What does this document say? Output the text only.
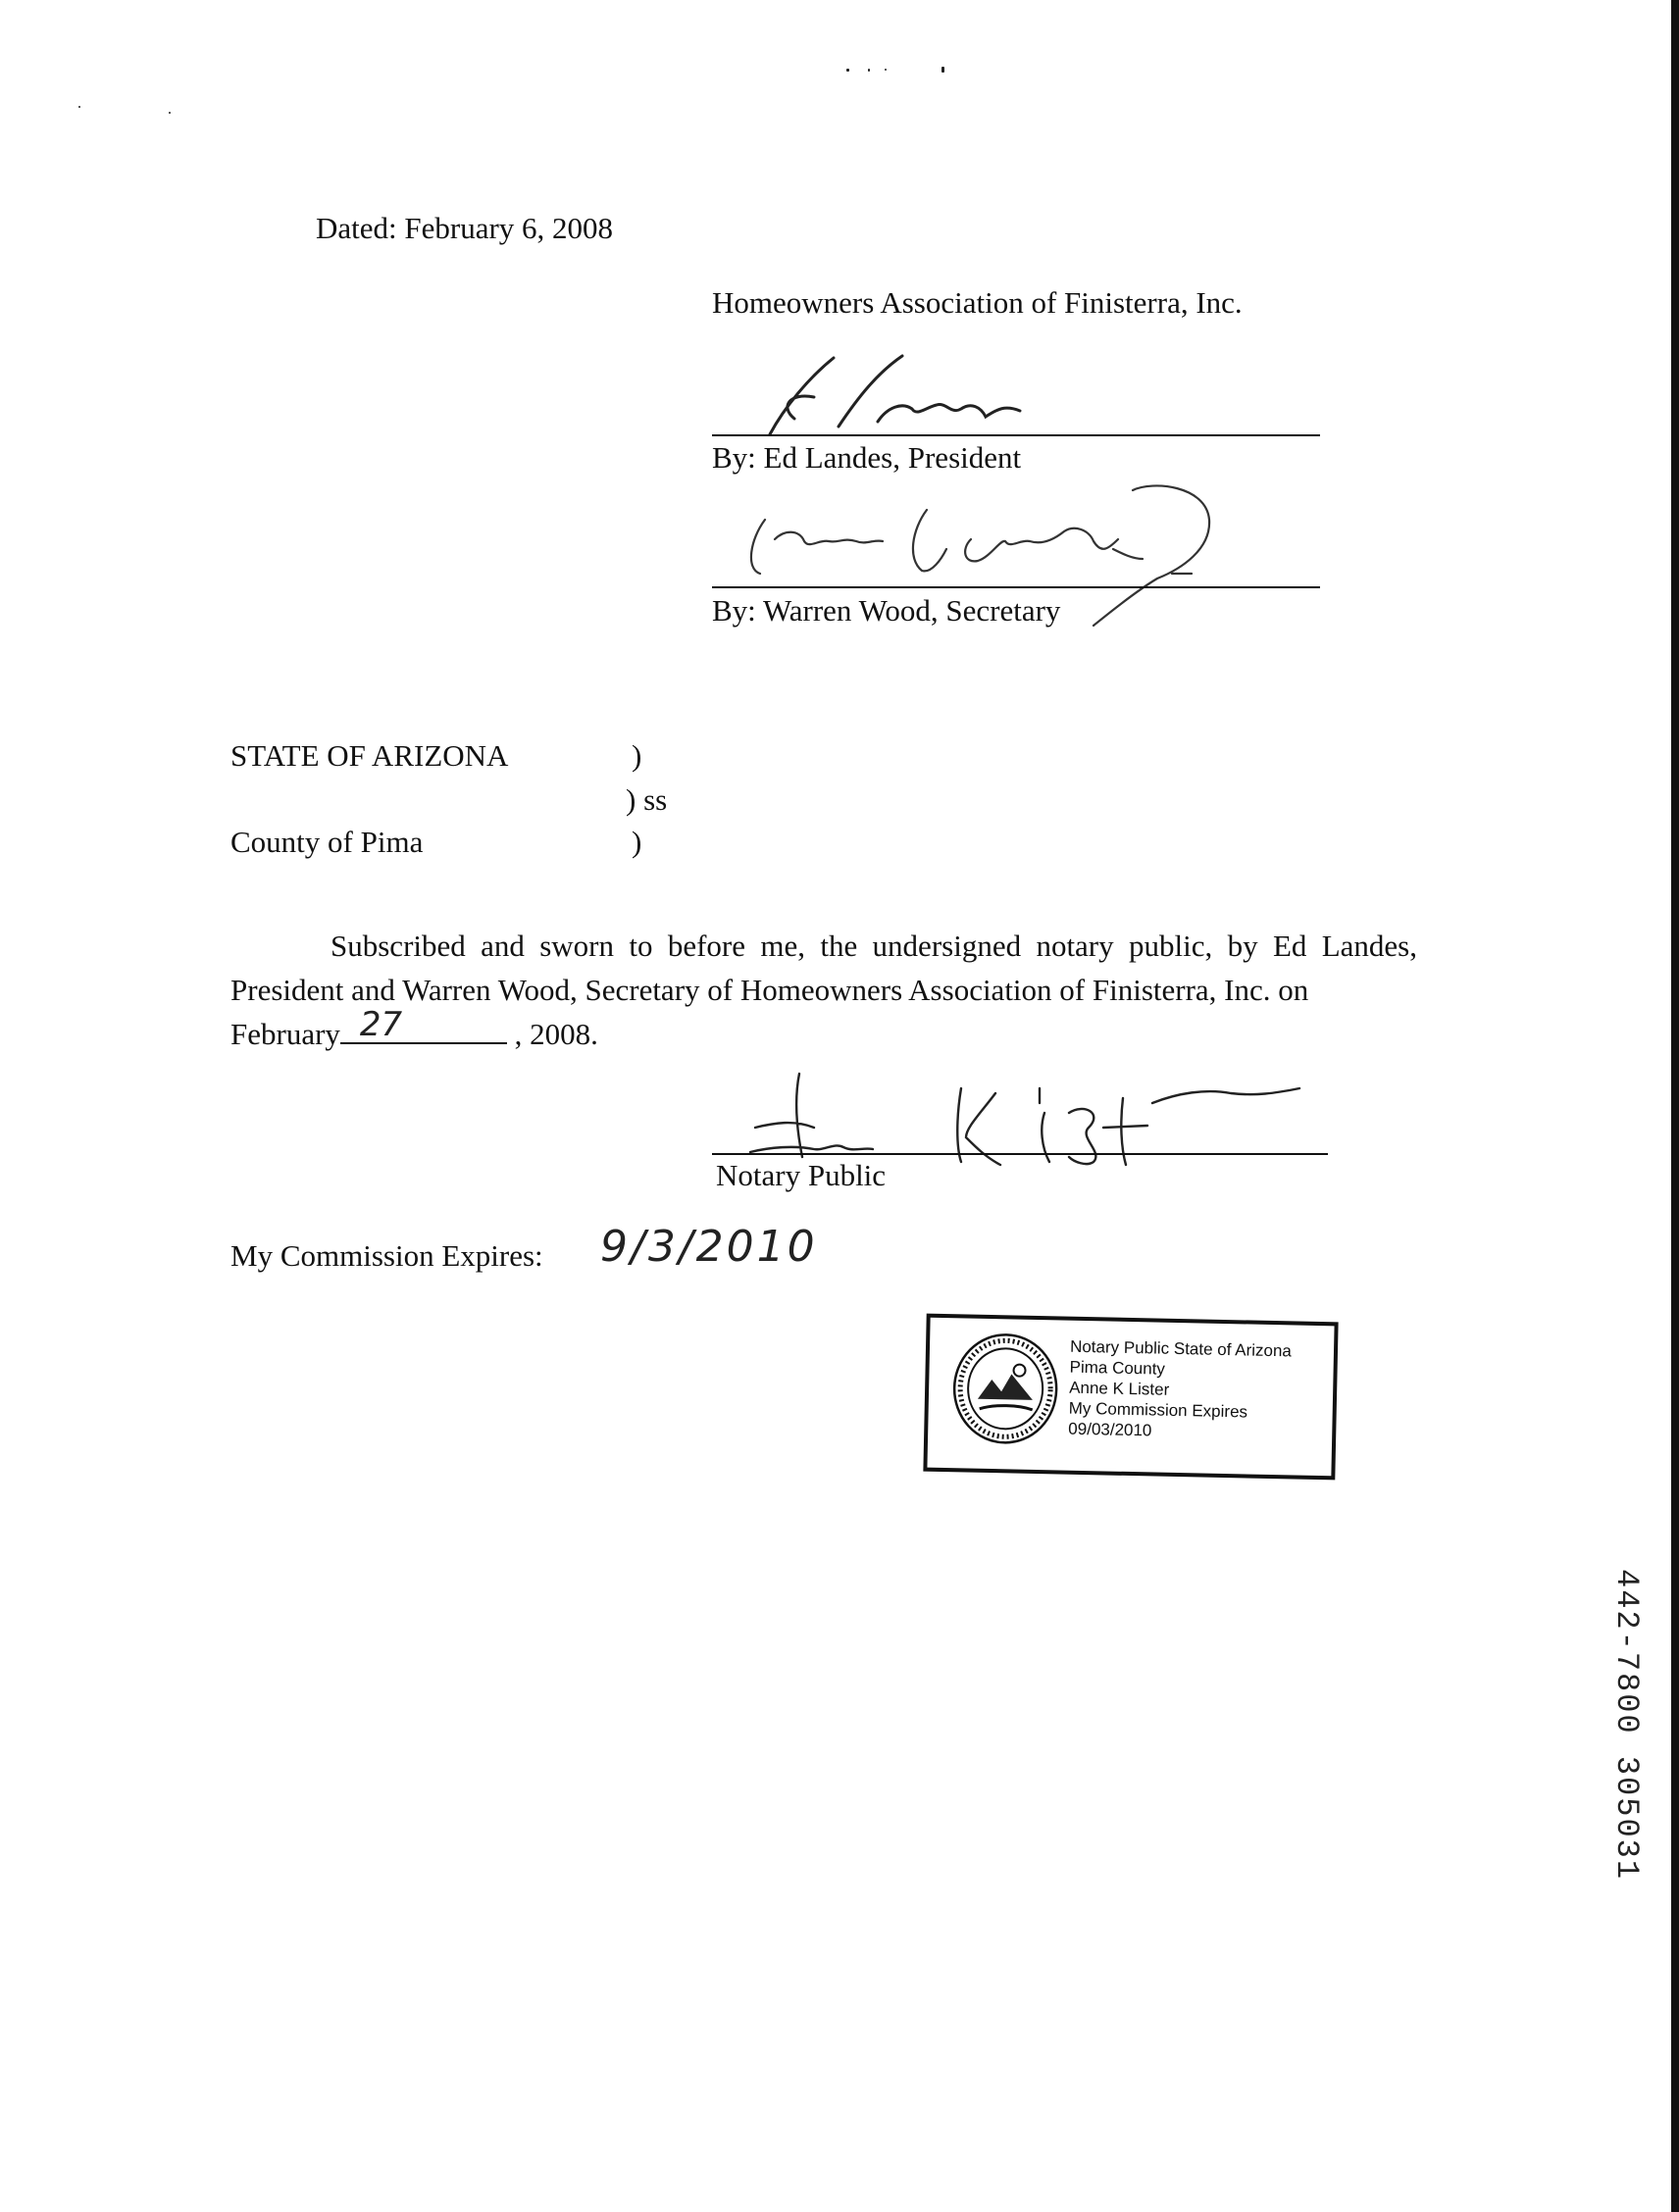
Dated: February 6, 2008
Homeowners Association of Finisterra, Inc.
By: Ed Landes, President
By: Warren Wood, Secretary
STATE OF ARIZONA	)
) ss
County of Pima	)
Subscribed and sworn to before me, the undersigned notary public, by Ed Landes, President and Warren Wood, Secretary of Homeowners Association of Finisterra, Inc. on
February 27	, 2008.
Notary Public
My Commission Expires: 9/3/2010
Notary Public State of Arizona
Pima County
Anne K Lister
My Commission Expires
09/03/2010
442-7800 305031
